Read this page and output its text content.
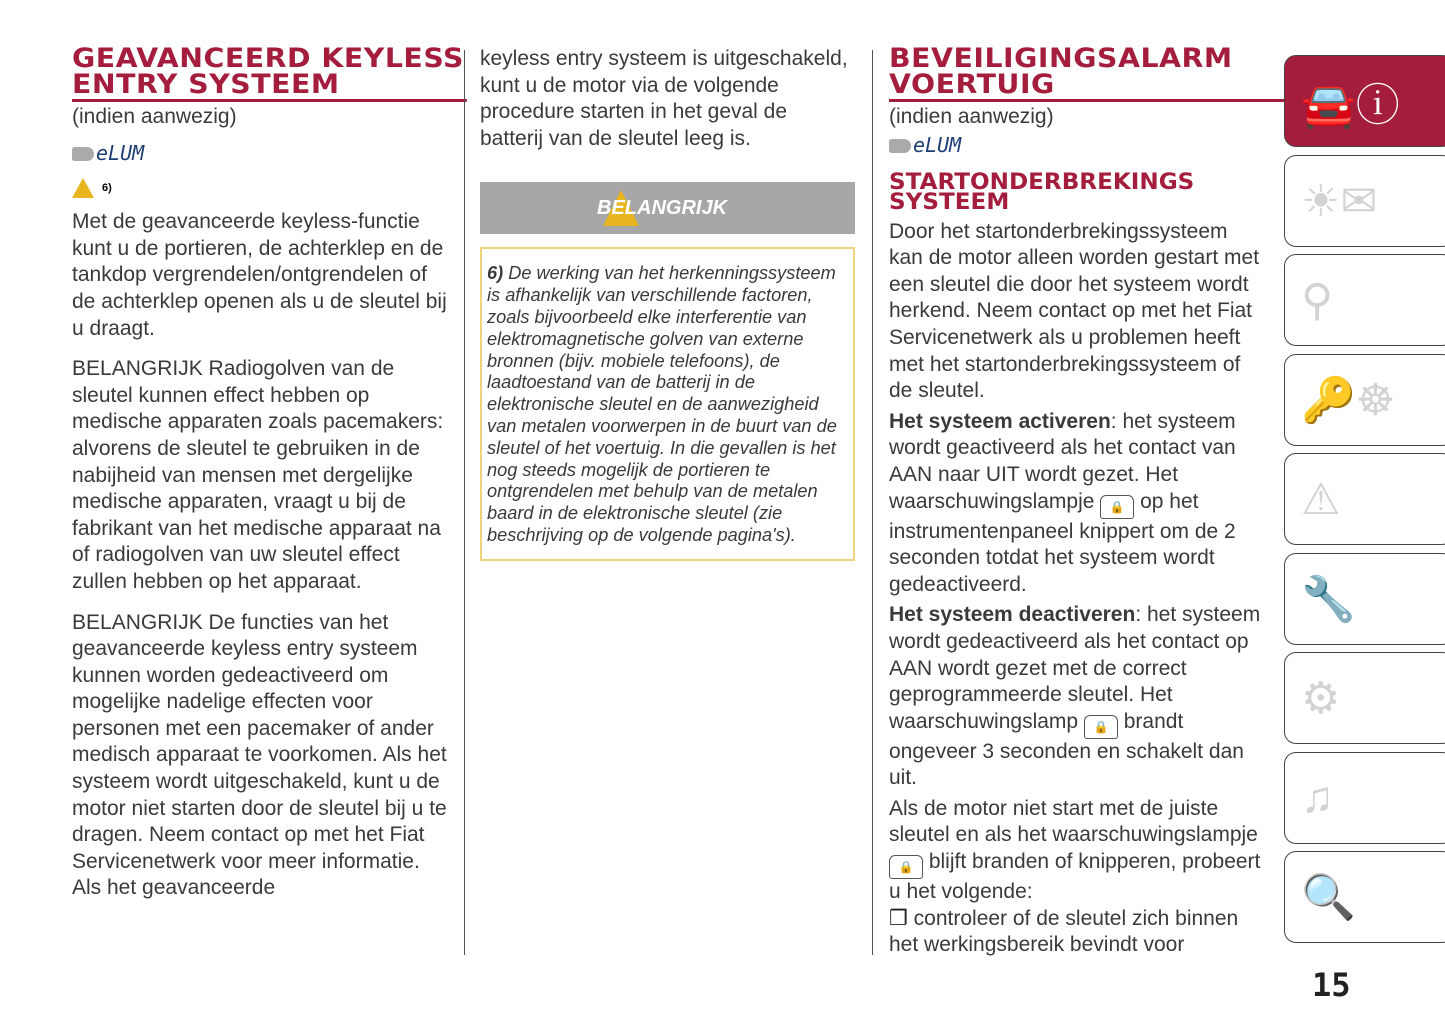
GEAVANCEERD KEYLESS ENTRY SYSTEEM
(indien aanwezig)
eLUM
6)

Met de geavanceerde keyless-functie kunt u de portieren, de achterklep en de tankdop vergrendelen/ontgrendelen of de achterklep openen als u de sleutel bij u draagt.

BELANGRIJK Radiogolven van de sleutel kunnen effect hebben op medische apparaten zoals pacemakers: alvorens de sleutel te gebruiken in de nabijheid van mensen met dergelijke medische apparaten, vraagt u bij de fabrikant van het medische apparaat na of radiogolven van uw sleutel effect zullen hebben op het apparaat.

BELANGRIJK De functies van het geavanceerde keyless entry systeem kunnen worden gedeactiveerd om mogelijke nadelige effecten voor personen met een pacemaker of ander medisch apparaat te voorkomen. Als het systeem wordt uitgeschakeld, kunt u de motor niet starten door de sleutel bij u te dragen. Neem contact op met het Fiat Servicenetwerk voor meer informatie. Als het geavanceerde

keyless entry systeem is uitgeschakeld, kunt u de motor via de volgende procedure starten in het geval de batterij van de sleutel leeg is.

BELANGRIJK
6) De werking van het herkenningssysteem is afhankelijk van verschillende factoren, zoals bijvoorbeeld elke interferentie van elektromagnetische golven van externe bronnen (bijv. mobiele telefoons), de laadtoestand van de batterij in de elektronische sleutel en de aanwezigheid van metalen voorwerpen in de buurt van de sleutel of het voertuig. In die gevallen is het nog steeds mogelijk de portieren te ontgrendelen met behulp van de metalen baard in de elektronische sleutel (zie beschrijving op de volgende pagina's).
BEVEILIGINGSALARM VOERTUIG
(indien aanwezig)
eLUM
STARTONDERBREKINGS SYSTEEM

Door het startonderbrekingssysteem kan de motor alleen worden gestart met een sleutel die door het systeem wordt herkend. Neem contact op met het Fiat Servicenetwerk als u problemen heeft met het startonderbrekingssysteem of de sleutel.

Het systeem activeren: het systeem wordt geactiveerd als het contact van AAN naar UIT wordt gezet. Het waarschuwingslampje 🔒 op het instrumentenpaneel knippert om de 2 seconden totdat het systeem wordt gedeactiveerd.

Het systeem deactiveren: het systeem wordt gedeactiveerd als het contact op AAN wordt gezet met de correct geprogrammeerde sleutel. Het waarschuwingslamp 🔒 brandt ongeveer 3 seconden en schakelt dan uit.

Als de motor niet start met de juiste sleutel en als het waarschuwingslampje 🔒 blijft branden of knipperen, probeert u het volgende:

❒ controleer of de sleutel zich binnen het werkingsbereik bevindt voor

🚘ⓘ
☀✉
⚲
🔑☸
⚠
🔧
⚙
♫
🔍
15
